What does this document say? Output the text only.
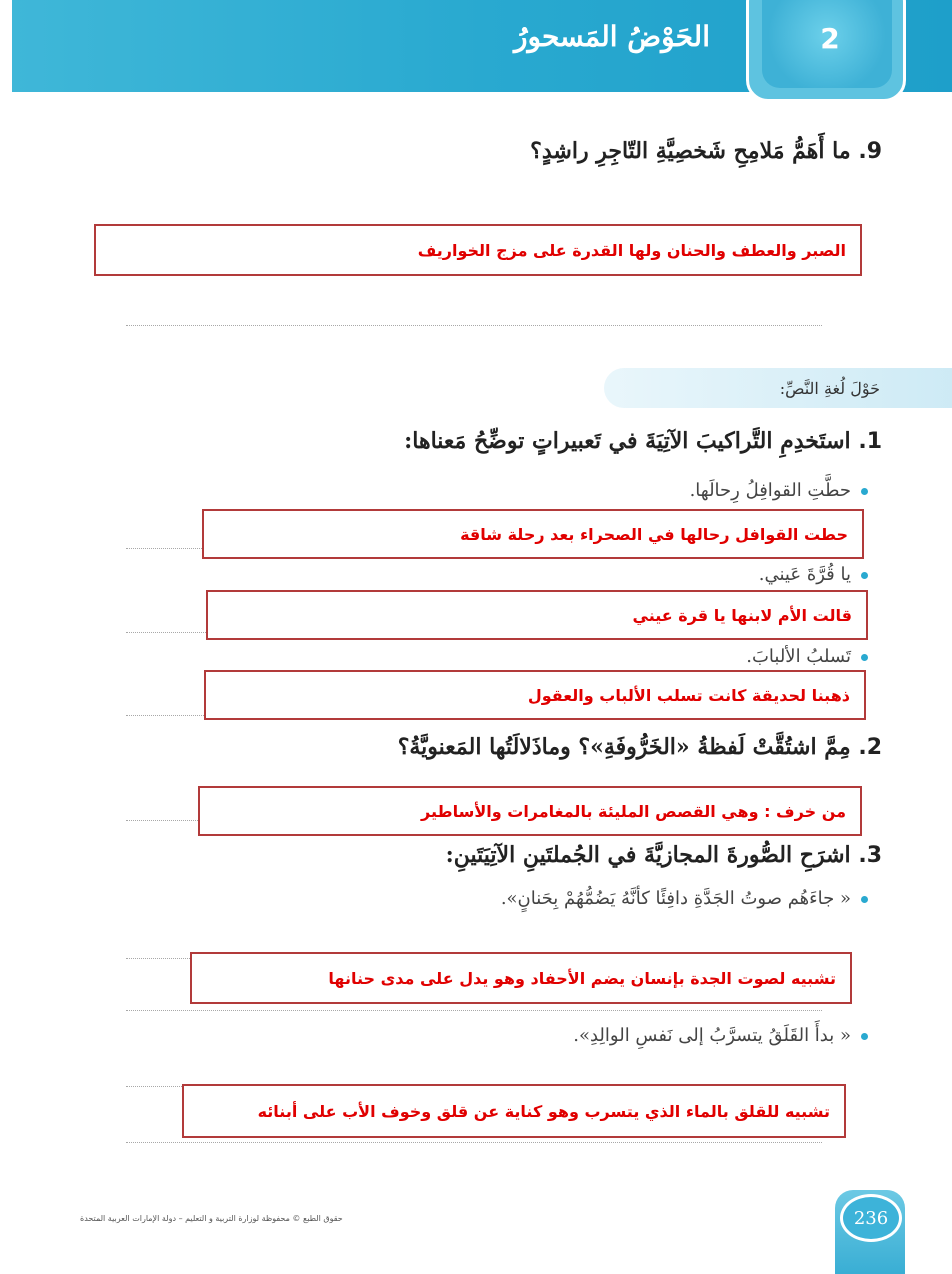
2
الحَوْضُ المَسحورُ
9. ما أَهَمُّ مَلامِحِ شَخصِيَّةِ التّاجِرِ راشِدٍ؟
الصبر والعطف والحنان ولها القدرة على مزج الخواريف
حَوْلَ لُغةِ النَّصِّ:
1. استَخدِمِ التَّراكيبَ الآتِيَةَ في تَعبيراتٍ توضِّحُ مَعناها:
حطَّتِ القوافِلُ رِحالَها.
حطت القوافل رحالها في الصحراء بعد رحلة شاقة
يا قُرَّةَ عَيني.
قالت الأم لابنها يا قرة عيني
تَسلبُ الألبابَ.
ذهبنا لحديقة كانت تسلب الألباب والعقول
2. مِمَّ اشتُقَّتْ لَفظةُ «الخَرُّوفَةِ»؟ وماذَلالَتُها المَعنويَّةُ؟
من خرف : وهي القصص المليئة بالمغامرات والأساطير
3. اشرَحِ الصُّورةَ المجازيَّةَ في الجُملتَينِ الآتِيَتَينِ:
« جاءَهُم صوتُ الجَدَّةِ دافِئًا كأنَّهُ يَضُمُّهُمْ بِحَنانٍ».
تشبيه لصوت الجدة بإنسان يضم الأحفاد وهو يدل على مدى حنانها
« بدأَ القَلَقُ يتسرَّبُ إلى نَفسِ الوالِدِ».
تشبيه للقلق بالماء الذي يتسرب وهو كناية عن قلق وخوف الأب على أبنائه
حقوق الطبع © محفوظة لوزارة التربية و التعليم – دولة الإمارات العربية المتحدة	236
